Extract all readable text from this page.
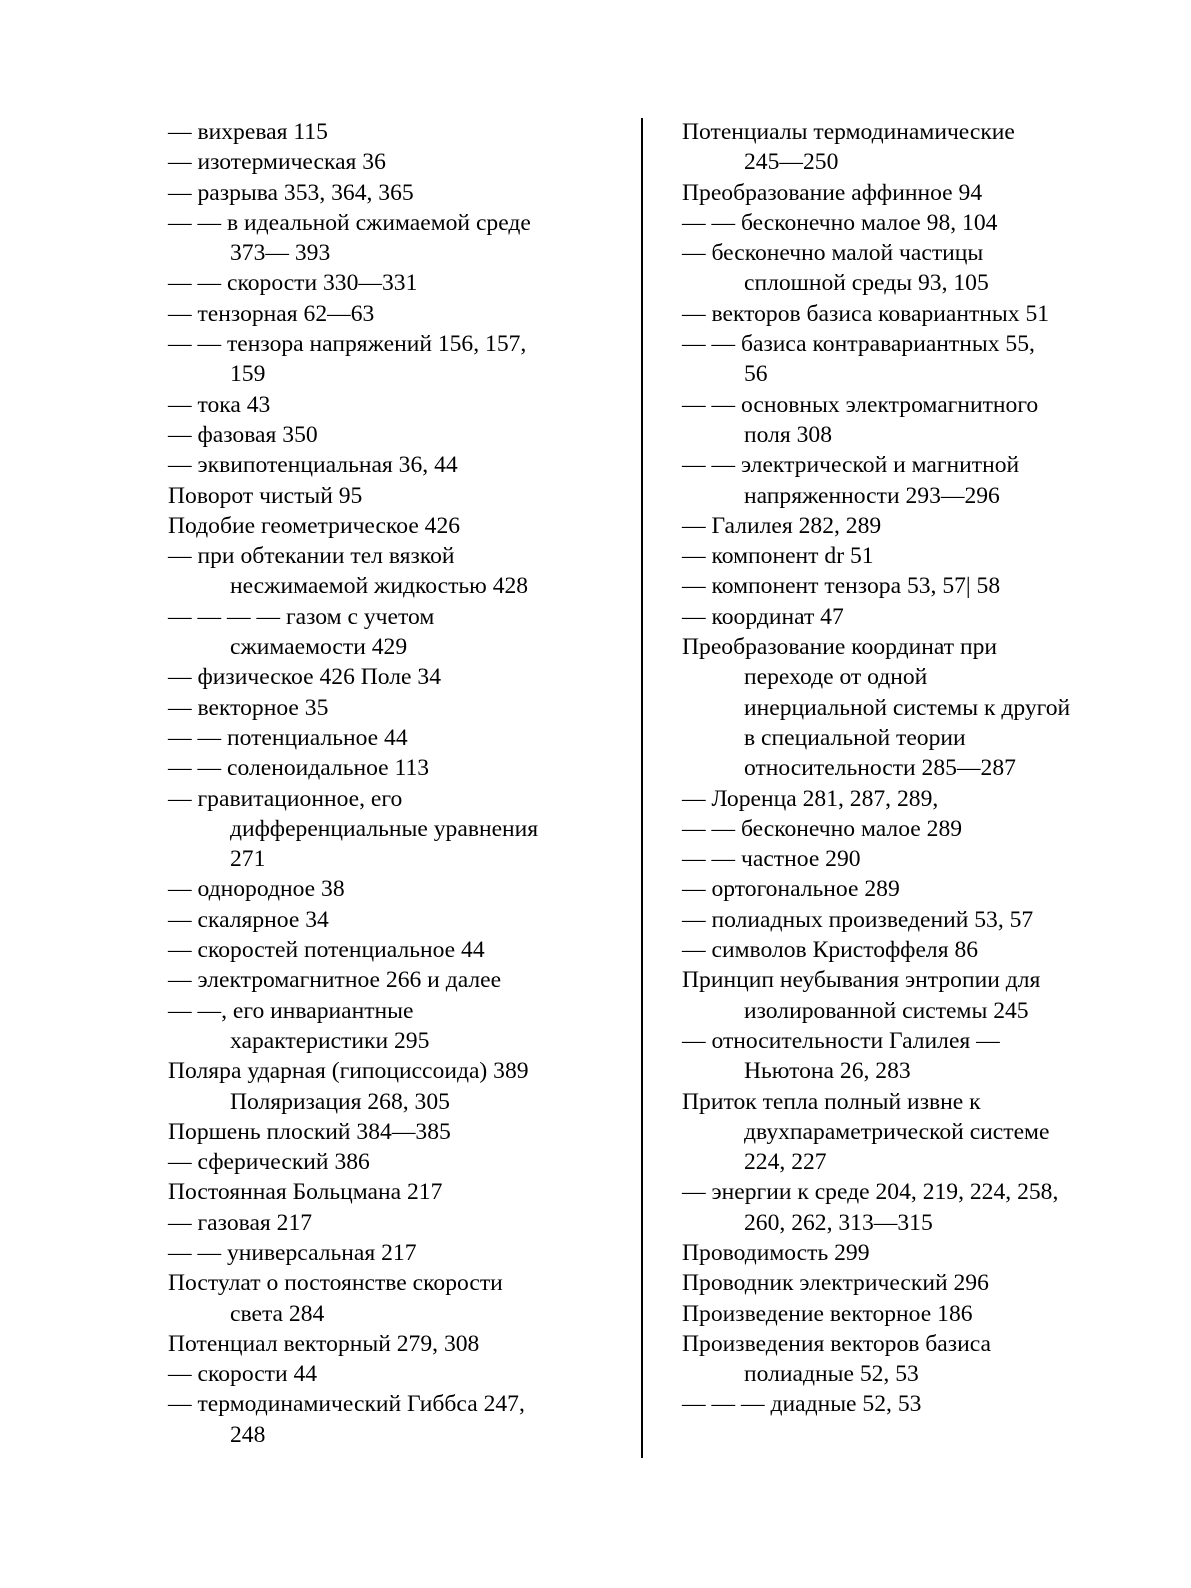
— вихревая 115
— изотермическая 36
— разрыва 353, 364, 365
— — в идеальной сжимаемой среде
373— 393
— — скорости 330—331
— тензорная 62—63
— — тензора напряжений 156, 157,
159
— тока 43
— фазовая 350
— эквипотенциальная 36, 44
Поворот чистый 95
Подобие геометрическое 426
— при обтекании тел вязкой
несжимаемой жидкостью 428
— — — — газом с учетом
сжимаемости 429
— физическое 426 Поле 34
— векторное 35
— — потенциальное 44
— — соленоидальное 113
— гравитационное, его
дифференциальные уравнения
271
— однородное 38
— скалярное 34
— скоростей потенциальное 44
— электромагнитное 266 и далее
— —, его инвариантные
характеристики 295
Поляра ударная (гипоциссоида) 389
Поляризация 268, 305
Поршень плоский 384—385
— сферический 386
Постоянная Больцмана 217
— газовая 217
— — универсальная 217
Постулат о постоянстве скорости
света 284
Потенциал векторный 279, 308
— скорости 44
— термодинамический Гиббса 247,
248
Потенциалы термодинамические
245—250
Преобразование аффинное 94
— — бесконечно малое 98, 104
— бесконечно малой частицы
сплошной среды 93, 105
— векторов базиса ковариантных 51
— — базиса контравариантных 55,
56
— — основных электромагнитного
поля 308
— — электрической и магнитной
напряженности 293—296
— Галилея 282, 289
— компонент dr 51
— компонент тензора 53, 57| 58
— координат 47
Преобразование координат при
переходе от одной
инерциальной системы к другой
в специальной теории
относительности 285—287
— Лоренца 281, 287, 289,
— — бесконечно малое 289
— — частное 290
— ортогональное 289
— полиадных произведений 53, 57
— символов Кристоффеля 86
Принцип неубывания энтропии для
изолированной системы 245
— относительности Галилея —
Ньютона 26, 283
Приток тепла полный извне к
двухпараметрической системе
224, 227
— энергии к среде 204, 219, 224, 258,
260, 262, 313—315
Проводимость 299
Проводник электрический 296
Произведение векторное 186
Произведения векторов базиса
полиадные 52, 53
— — — диадные 52, 53
